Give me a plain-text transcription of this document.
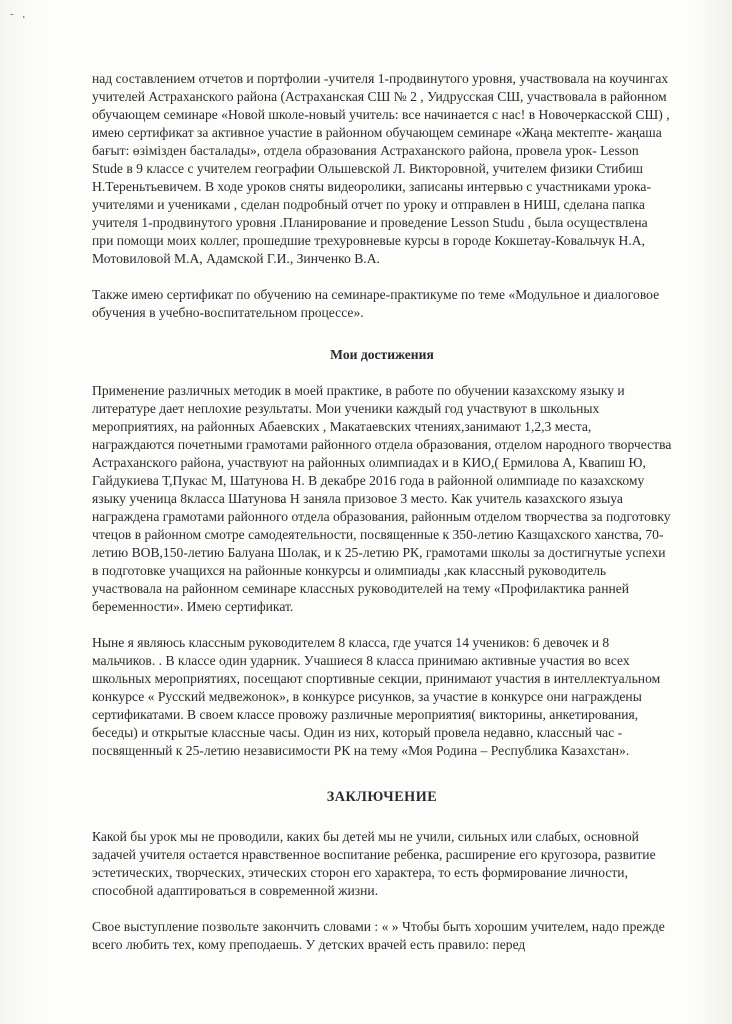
- ,

над составлением отчетов и портфолии -учителя 1-продвинутого уровня, участвовала на коучингах учителей Астраханского района (Астраханская СШ № 2 , Уидрусская СШ, участвовала в районном обучающем семинаре «Новой школе-новый учитель: все начинается с нас! в Новочеркасской СШ) , имею сертификат за активное участие в районном обучающем семинаре «Жаңа мектепте- жаңаша бағыт: өзімізден басталады», отдела образования Астраханского района, провела урок- Lesson Stude в 9 классе с учителем географии Ольшевской Л. Викторовной, учителем физики Стибиш Н.Тереньтьевичем. В ходе уроков сняты видеоролики, записаны интервью с участниками урока- учителями и учениками , сделан подробный отчет по уроку и отправлен в НИШ, сделана папка учителя 1-продвинутого уровня .Планирование и проведение Lesson Studu , была осуществлена при помощи моих коллег, прошедшие трехуровневые курсы в городе Кокшетау-Ковальчук Н.А, Мотовиловой М.А, Адамской Г.И., Зинченко В.А.

Также имею сертификат по обучению на семинаре-практикуме по теме «Модульное и диалоговое обучения в учебно-воспитательном процессе».

Мои достижения

Применение различных методик в моей практике, в работе по обучении казахскому языку и литературе дает неплохие результаты. Мои ученики каждый год участвуют в школьных мероприятиях, на районных Абаевских , Макатаевских чтениях,занимают 1,2,3 места, награждаются почетными грамотами районного отдела образования, отделом народного творчества Астраханского района, участвуют на районных олимпиадах и в КИО,( Ермилова А, Квапиш Ю, Гайдукиева Т,Пукас М, Шатунова Н. В декабре 2016 года в районной олимпиаде по казахскому языку ученица 8класса Шатунова Н заняла призовое 3 место. Как учитель казахского языуа награждена грамотами районного отдела образования, районным отделом творчества за подготовку чтецов в районном смотре самодеятельности, посвященные к 350-летию Казщахского ханства, 70-летию ВОВ,150-летию Балуана Шолак, и к 25-летию РК, грамотами школы за достигнутые успехи в подготовке учащихся на районные конкурсы и олимпиады ,как классный руководитель участвовала на районном семинаре классных руководителей на тему «Профилактика ранней беременности». Имею сертификат.

Ныне я являюсь классным руководителем 8 класса, где учатся 14 учеников: 6 девочек и 8 мальчиков. . В классе один ударник. Учашиеся 8 класса принимаю активные участия во всех школьных мероприятиях, посещают спортивные секции, принимают участия в интеллектуальном конкурсе « Русский медвежонок», в конкурсе рисунков, за участие в конкурсе они награждены сертификатами. В своем классе провожу различные мероприятия( викторины, анкетирования, беседы) и открытые классные часы. Один из них, который провела недавно, классный час - посвященный к 25-летию независимости РК на тему «Моя Родина – Республика Казахстан».

ЗАКЛЮЧЕНИЕ

Какой бы урок мы не проводили, каких бы детей мы не учили, сильных или слабых, основной задачей учителя остается нравственное воспитание ребенка, расширение его кругозора, развитие эстетических, творческих, этических сторон его характера, то есть формирование личности, способной адаптироваться в современной жизни.

Свое выступление позвольте закончить словами : « » Чтобы быть хорошим учителем, надо прежде всего любить тех, кому преподаешь. У детских врачей есть правило: перед
